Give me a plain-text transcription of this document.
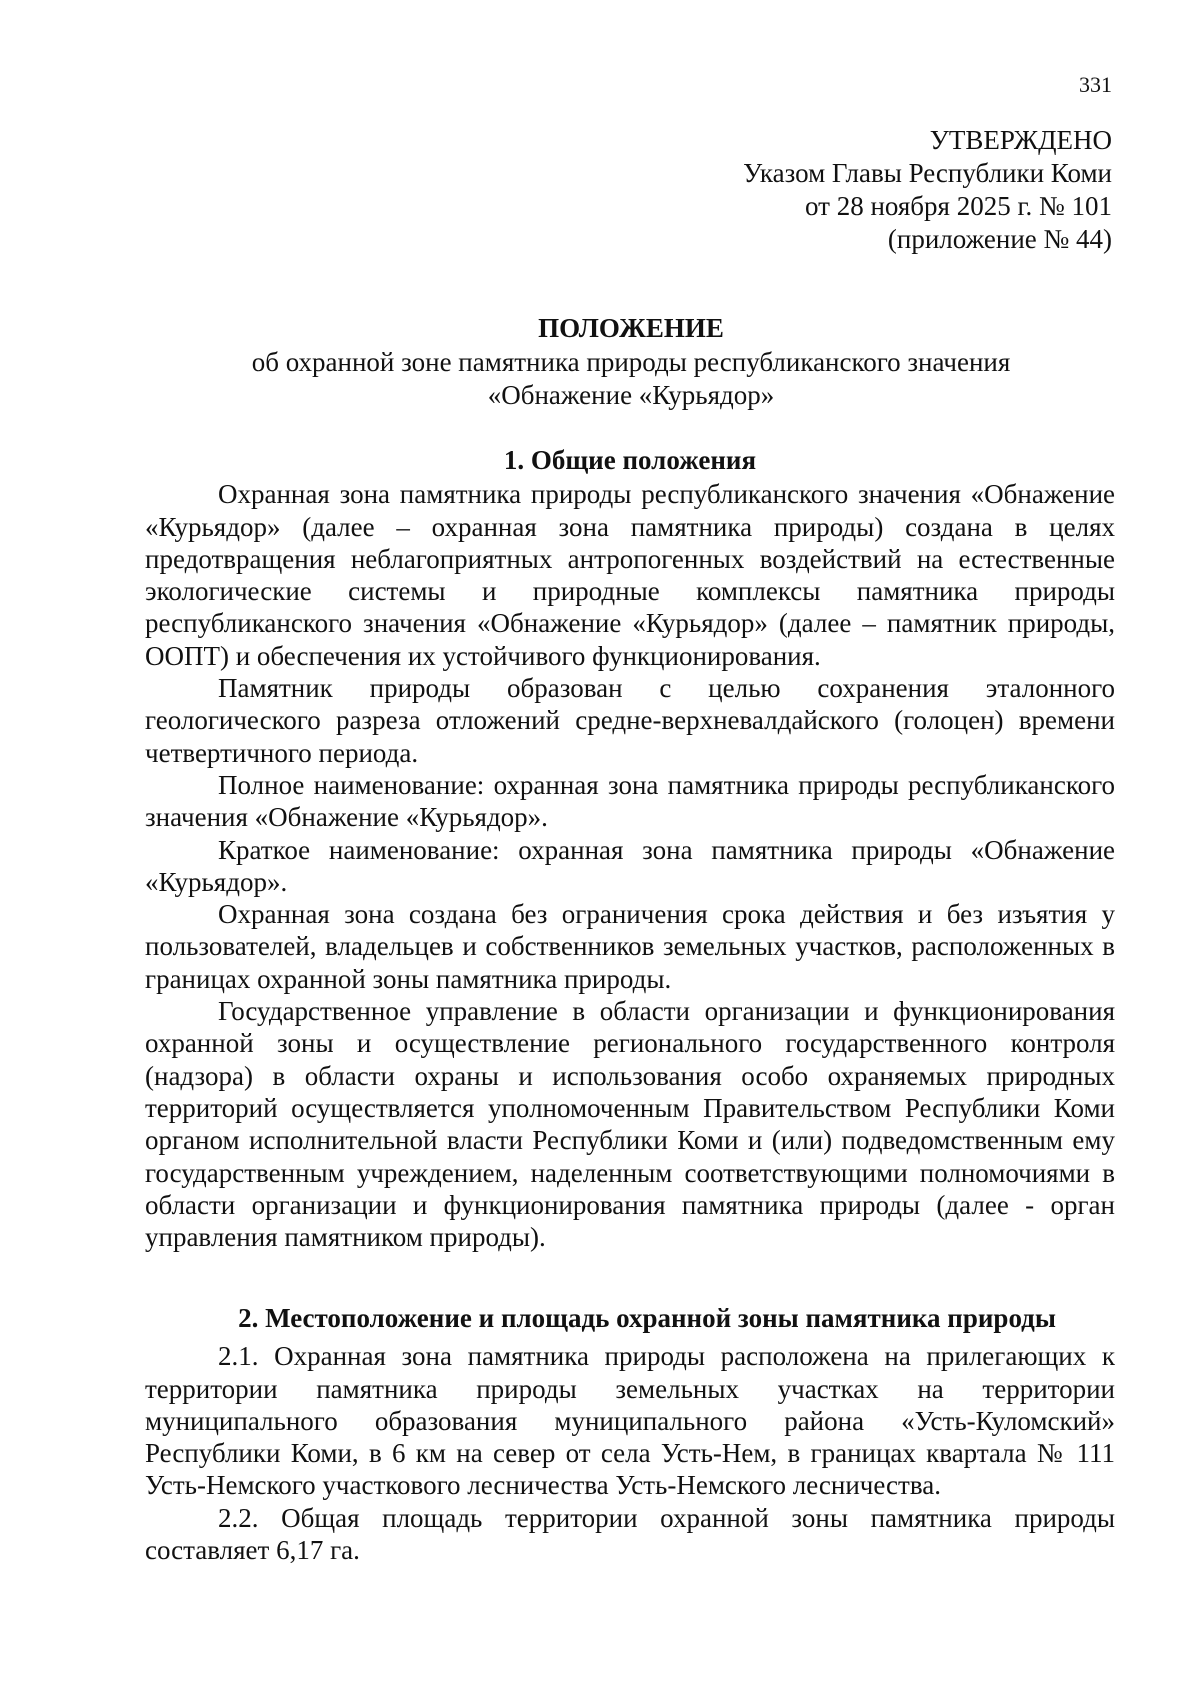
331
УТВЕРЖДЕНО
Указом Главы Республики Коми
от 28 ноября 2025 г. № 101
(приложение № 44)
ПОЛОЖЕНИЕ
об охранной зоне памятника природы республиканского значения
«Обнажение «Курьядор»

1. Общие положения

Охранная зона памятника природы республиканского значения «Обнажение «Курьядор» (далее – охранная зона памятника природы) создана в целях предотвращения неблагоприятных антропогенных воздействий на естественные экологические системы и природные комплексы памятника природы республиканского значения «Обнажение «Курьядор» (далее – памятник природы, ООПТ) и обеспечения их устойчивого функционирования.

Памятник природы образован с целью сохранения эталонного геологического разреза отложений средне-верхневалдайского (голоцен) времени четвертичного периода.

Полное наименование: охранная зона памятника природы республиканского значения «Обнажение «Курьядор».

Краткое наименование: охранная зона памятника природы «Обнажение «Курьядор».

Охранная зона создана без ограничения срока действия и без изъятия у пользователей, владельцев и собственников земельных участков, расположенных в границах охранной зоны памятника природы.

Государственное управление в области организации и функционирования охранной зоны и осуществление регионального государственного контроля (надзора) в области охраны и использования особо охраняемых природных территорий осуществляется уполномоченным Правительством Республики Коми органом исполнительной власти Республики Коми и (или) подведомственным ему государственным учреждением, наделенным соответствующими полномочиями в области организации и функционирования памятника природы (далее - орган управления памятником природы).

2. Местоположение и площадь охранной зоны памятника природы

2.1. Охранная зона памятника природы расположена на прилегающих к территории памятника природы земельных участках на территории муниципального образования муниципального района «Усть-Куломский» Республики Коми, в 6 км на север от села Усть-Нем, в границах квартала № 111 Усть-Немского участкового лесничества Усть-Немского лесничества.

2.2. Общая площадь территории охранной зоны памятника природы составляет 6,17 га.
